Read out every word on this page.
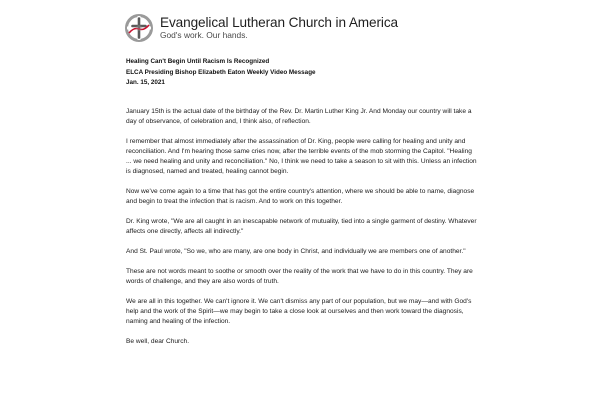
Evangelical Lutheran Church in America
God's work. Our hands.
Healing Can't Begin Until Racism Is Recognized
ELCA Presiding Bishop Elizabeth Eaton Weekly Video Message
Jan. 15, 2021

January 15th is the actual date of the birthday of the Rev. Dr. Martin Luther King Jr. And Monday our country will take a day of observance, of celebration and, I think also, of reflection.

I remember that almost immediately after the assassination of Dr. King, people were calling for healing and unity and reconciliation. And I'm hearing those same cries now, after the terrible events of the mob storming the Capitol. "Healing ... we need healing and unity and reconciliation." No, I think we need to take a season to sit with this. Unless an infection is diagnosed, named and treated, healing cannot begin.

Now we've come again to a time that has got the entire country's attention, where we should be able to name, diagnose and begin to treat the infection that is racism. And to work on this together.

Dr. King wrote, "We are all caught in an inescapable network of mutuality, tied into a single garment of destiny. Whatever affects one directly, affects all indirectly."

And St. Paul wrote, "So we, who are many, are one body in Christ, and individually we are members one of another."

These are not words meant to soothe or smooth over the reality of the work that we have to do in this country. They are words of challenge, and they are also words of truth.

We are all in this together. We can't ignore it. We can't dismiss any part of our population, but we may—and with God's help and the work of the Spirit—we may begin to take a close look at ourselves and then work toward the diagnosis, naming and healing of the infection.

Be well, dear Church.
